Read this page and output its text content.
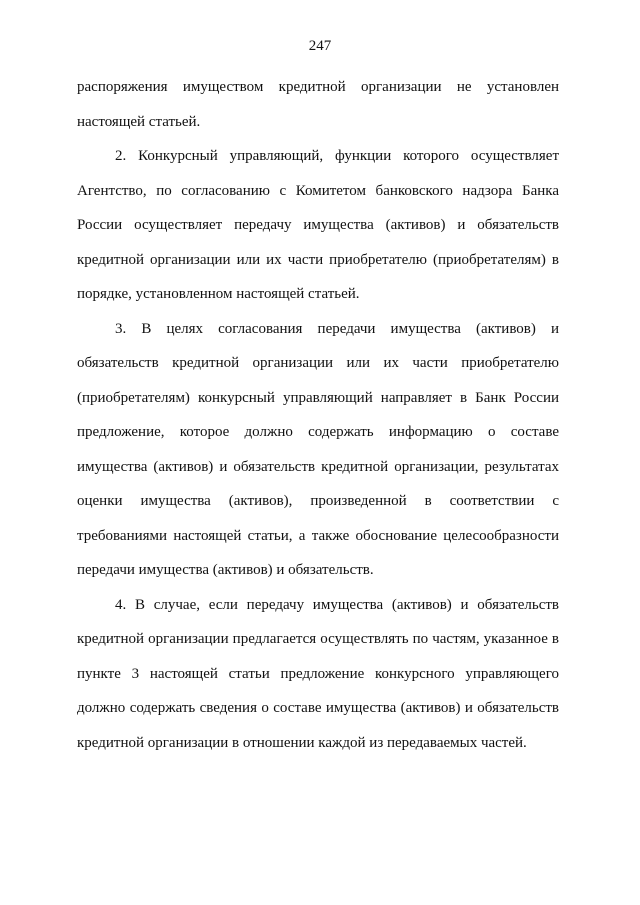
247

распоряжения имуществом кредитной организации не установлен настоящей статьей.

2. Конкурсный управляющий, функции которого осуществляет Агентство, по согласованию с Комитетом банковского надзора Банка России осуществляет передачу имущества (активов) и обязательств кредитной организации или их части приобретателю (приобретателям) в порядке, установленном настоящей статьей.

3. В целях согласования передачи имущества (активов) и обязательств кредитной организации или их части приобретателю (приобретателям) конкурсный управляющий направляет в Банк России предложение, которое должно содержать информацию о составе имущества (активов) и обязательств кредитной организации, результатах оценки имущества (активов), произведенной в соответствии с требованиями настоящей статьи, а также обоснование целесообразности передачи имущества (активов) и обязательств.

4. В случае, если передачу имущества (активов) и обязательств кредитной организации предлагается осуществлять по частям, указанное в пункте 3 настоящей статьи предложение конкурсного управляющего должно содержать сведения о составе имущества (активов) и обязательств кредитной организации в отношении каждой из передаваемых частей.
